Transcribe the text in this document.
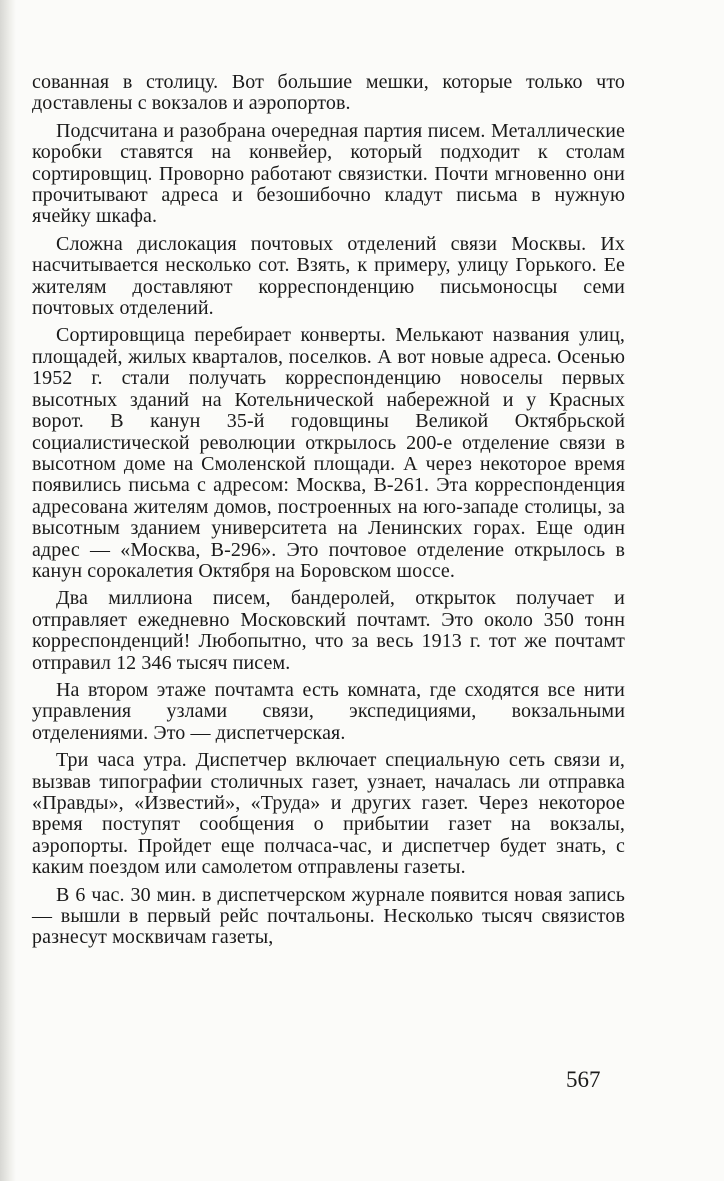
сованная в столицу. Вот большие мешки, которые только что доставлены с вокзалов и аэропортов.

Подсчитана и разобрана очередная партия писем. Металлические коробки ставятся на конвейер, который подходит к столам сортировщиц. Проворно работают связистки. Почти мгновенно они прочитывают адреса и безошибочно кладут письма в нужную ячейку шкафа.

Сложна дислокация почтовых отделений связи Москвы. Их насчитывается несколько сот. Взять, к примеру, улицу Горького. Ее жителям доставляют корреспонденцию письмоносцы семи почтовых отделений.

Сортировщица перебирает конверты. Мелькают названия улиц, площадей, жилых кварталов, поселков. А вот новые адреса. Осенью 1952 г. стали получать корреспонденцию новоселы первых высотных зданий на Котельнической набережной и у Красных ворот. В канун 35-й годовщины Великой Октябрьской социалистической революции открылось 200-е отделение связи в высотном доме на Смоленской площади. А через некоторое время появились письма с адресом: Москва, В-261. Эта корреспонденция адресована жителям домов, построенных на юго-западе столицы, за высотным зданием университета на Ленинских горах. Еще один адрес — «Москва, В-296». Это почтовое отделение открылось в канун сорокалетия Октября на Боровском шоссе.

Два миллиона писем, бандеролей, открыток получает и отправляет ежедневно Московский почтамт. Это около 350 тонн корреспонденций! Любопытно, что за весь 1913 г. тот же почтамт отправил 12 346 тысяч писем.

На втором этаже почтамта есть комната, где сходятся все нити управления узлами связи, экспедициями, вокзальными отделениями. Это — диспетчерская.

Три часа утра. Диспетчер включает специальную сеть связи и, вызвав типографии столичных газет, узнает, началась ли отправка «Правды», «Известий», «Труда» и других газет. Через некоторое время поступят сообщения о прибытии газет на вокзалы, аэропорты. Пройдет еще полчаса-час, и диспетчер будет знать, с каким поездом или самолетом отправлены газеты.

В 6 час. 30 мин. в диспетчерском журнале появится новая запись — вышли в первый рейс почтальоны. Несколько тысяч связистов разнесут москвичам газеты,

567
